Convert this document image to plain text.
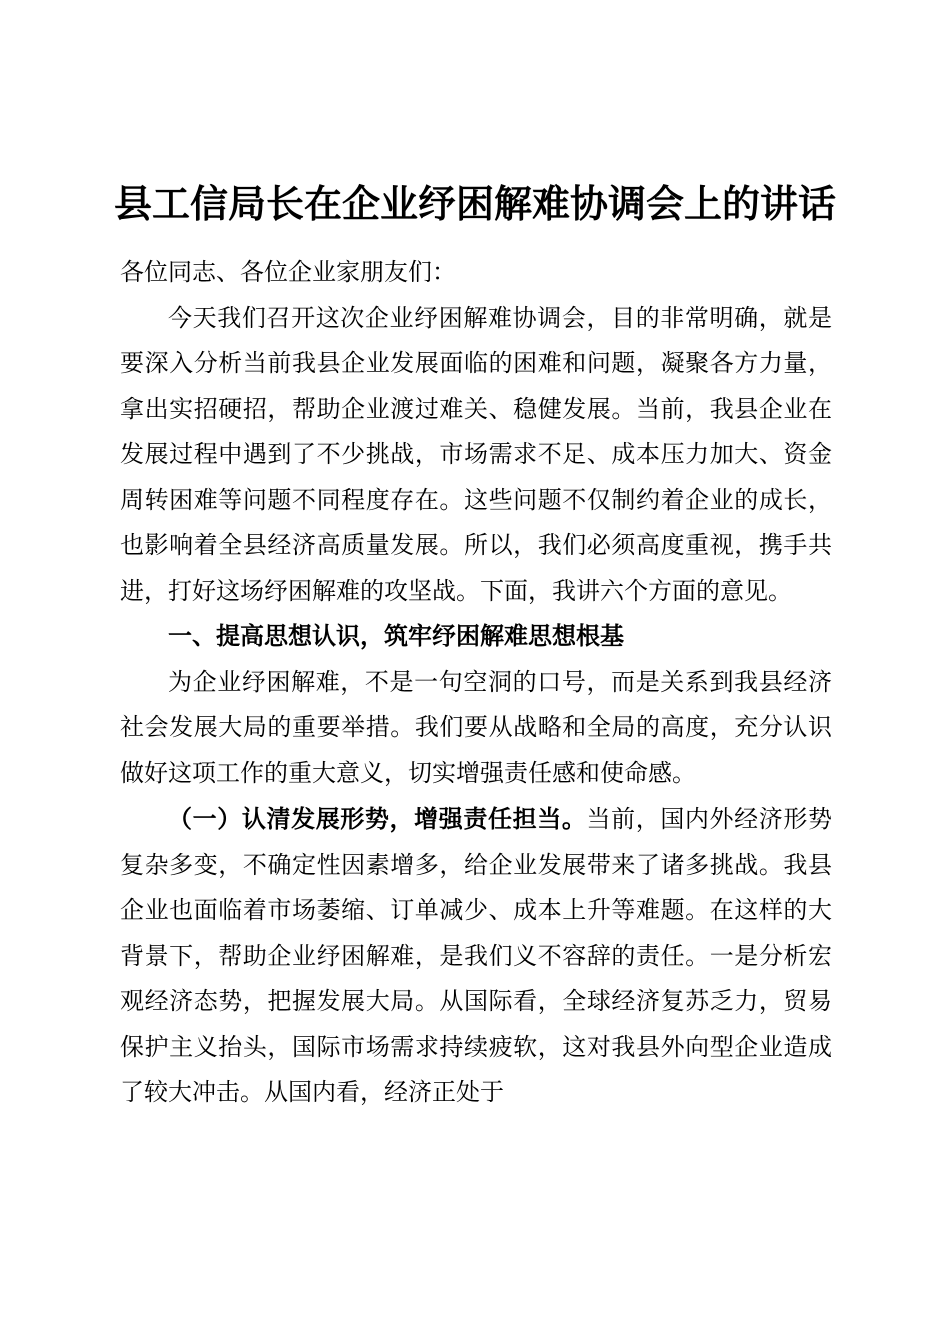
县工信局长在企业纾困解难协调会上的讲话

各位同志、各位企业家朋友们：

今天我们召开这次企业纾困解难协调会，目的非常明确，就是要深入分析当前我县企业发展面临的困难和问题，凝聚各方力量，拿出实招硬招，帮助企业渡过难关、稳健发展。当前，我县企业在发展过程中遇到了不少挑战，市场需求不足、成本压力加大、资金周转困难等问题不同程度存在。这些问题不仅制约着企业的成长，也影响着全县经济高质量发展。所以，我们必须高度重视，携手共进，打好这场纾困解难的攻坚战。下面，我讲六个方面的意见。

一、提高思想认识，筑牢纾困解难思想根基

为企业纾困解难，不是一句空洞的口号，而是关系到我县经济社会发展大局的重要举措。我们要从战略和全局的高度，充分认识做好这项工作的重大意义，切实增强责任感和使命感。

（一）认清发展形势，增强责任担当。当前，国内外经济形势复杂多变，不确定性因素增多，给企业发展带来了诸多挑战。我县企业也面临着市场萎缩、订单减少、成本上升等难题。在这样的大背景下，帮助企业纾困解难，是我们义不容辞的责任。一是分析宏观经济态势，把握发展大局。从国际看，全球经济复苏乏力，贸易保护主义抬头，国际市场需求持续疲软，这对我县外向型企业造成了较大冲击。从国内看，经济正处于
